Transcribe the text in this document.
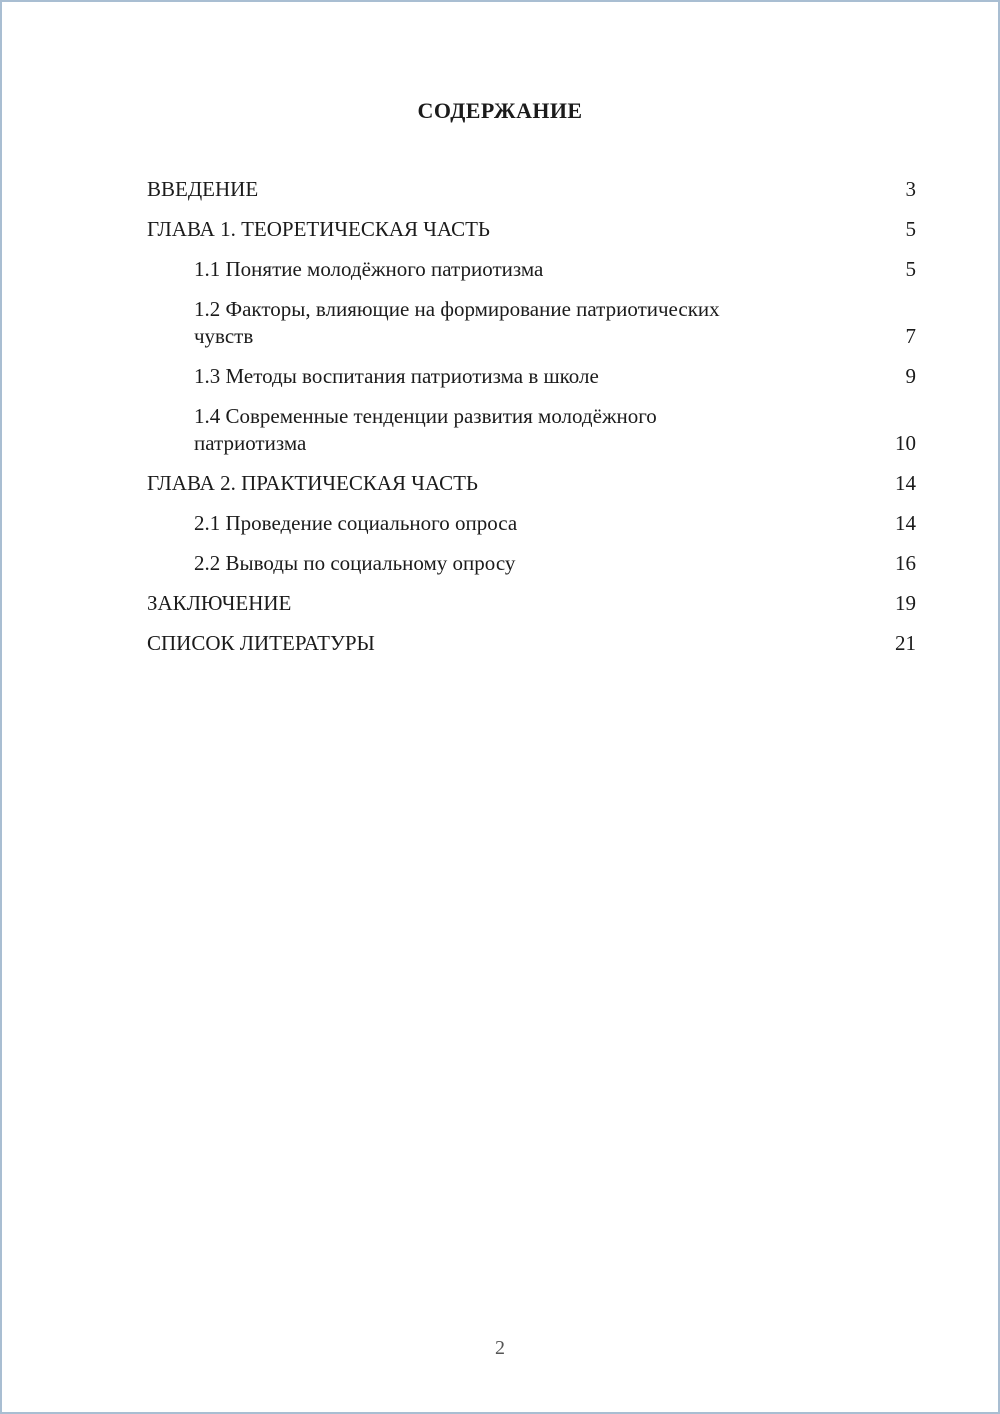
СОДЕРЖАНИЕ
ВВЕДЕНИЕ	3
ГЛАВА 1. ТЕОРЕТИЧЕСКАЯ ЧАСТЬ	5
1.1 Понятие молодёжного патриотизма	5
1.2 Факторы, влияющие на формирование патриотических
чувств	7
1.3 Методы воспитания патриотизма в школе	9
1.4 Современные тенденции развития молодёжного
патриотизма	10
ГЛАВА 2. ПРАКТИЧЕСКАЯ ЧАСТЬ	14
2.1 Проведение социального опроса	14
2.2 Выводы по социальному опросу	16
ЗАКЛЮЧЕНИЕ	19
СПИСОК ЛИТЕРАТУРЫ	21
2
